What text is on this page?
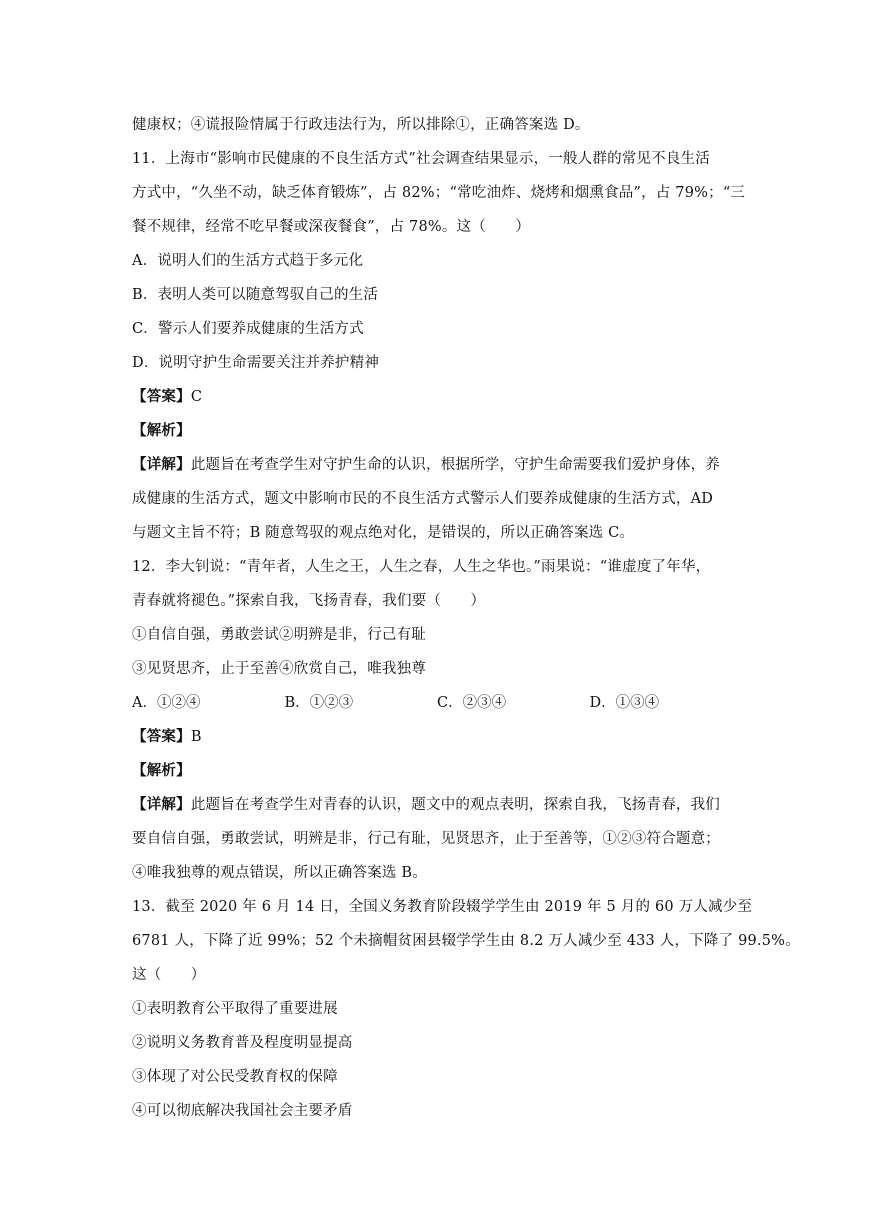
健康权；④谎报险情属于行政违法行为，所以排除①，正确答案选 D。
11．上海市“影响市民健康的不良生活方式”社会调查结果显示，一般人群的常见不良生活
方式中，“久坐不动，缺乏体育锻炼”，占 82%；“常吃油炸、烧烤和烟熏食品”，占 79%；“三
餐不规律，经常不吃早餐或深夜餐食”，占 78%。这（　　）
A．说明人们的生活方式趋于多元化
B．表明人类可以随意驾驭自己的生活
C．警示人们要养成健康的生活方式
D．说明守护生命需要关注并养护精神
【答案】C
【解析】
【详解】此题旨在考查学生对守护生命的认识，根据所学，守护生命需要我们爱护身体，养
成健康的生活方式，题文中影响市民的不良生活方式警示人们要养成健康的生活方式，AD
与题文主旨不符；B 随意驾驭的观点绝对化，是错误的，所以正确答案选 C。
12．李大钊说：“青年者，人生之王，人生之春，人生之华也。”雨果说：“谁虚度了年华，
青春就将褪色。”探索自我，飞扬青春，我们要（　　）
①自信自强，勇敢尝试②明辨是非，行己有耻
③见贤思齐，止于至善④欣赏自己，唯我独尊
A．①②④	B．①②③	C．②③④	D．①③④
【答案】B
【解析】
【详解】此题旨在考查学生对青春的认识，题文中的观点表明，探索自我，飞扬青春，我们
要自信自强，勇敢尝试，明辨是非，行己有耻，见贤思齐，止于至善等，①②③符合题意；
④唯我独尊的观点错误，所以正确答案选 B。
13．截至 2020 年 6 月 14 日，全国义务教育阶段辍学学生由 2019 年 5 月的 60 万人减少至
6781 人，下降了近 99%；52 个未摘帽贫困县辍学学生由 8.2 万人减少至 433 人，下降了 99.5%。
这（　　）
①表明教育公平取得了重要进展
②说明义务教育普及程度明显提高
③体现了对公民受教育权的保障
④可以彻底解决我国社会主要矛盾
